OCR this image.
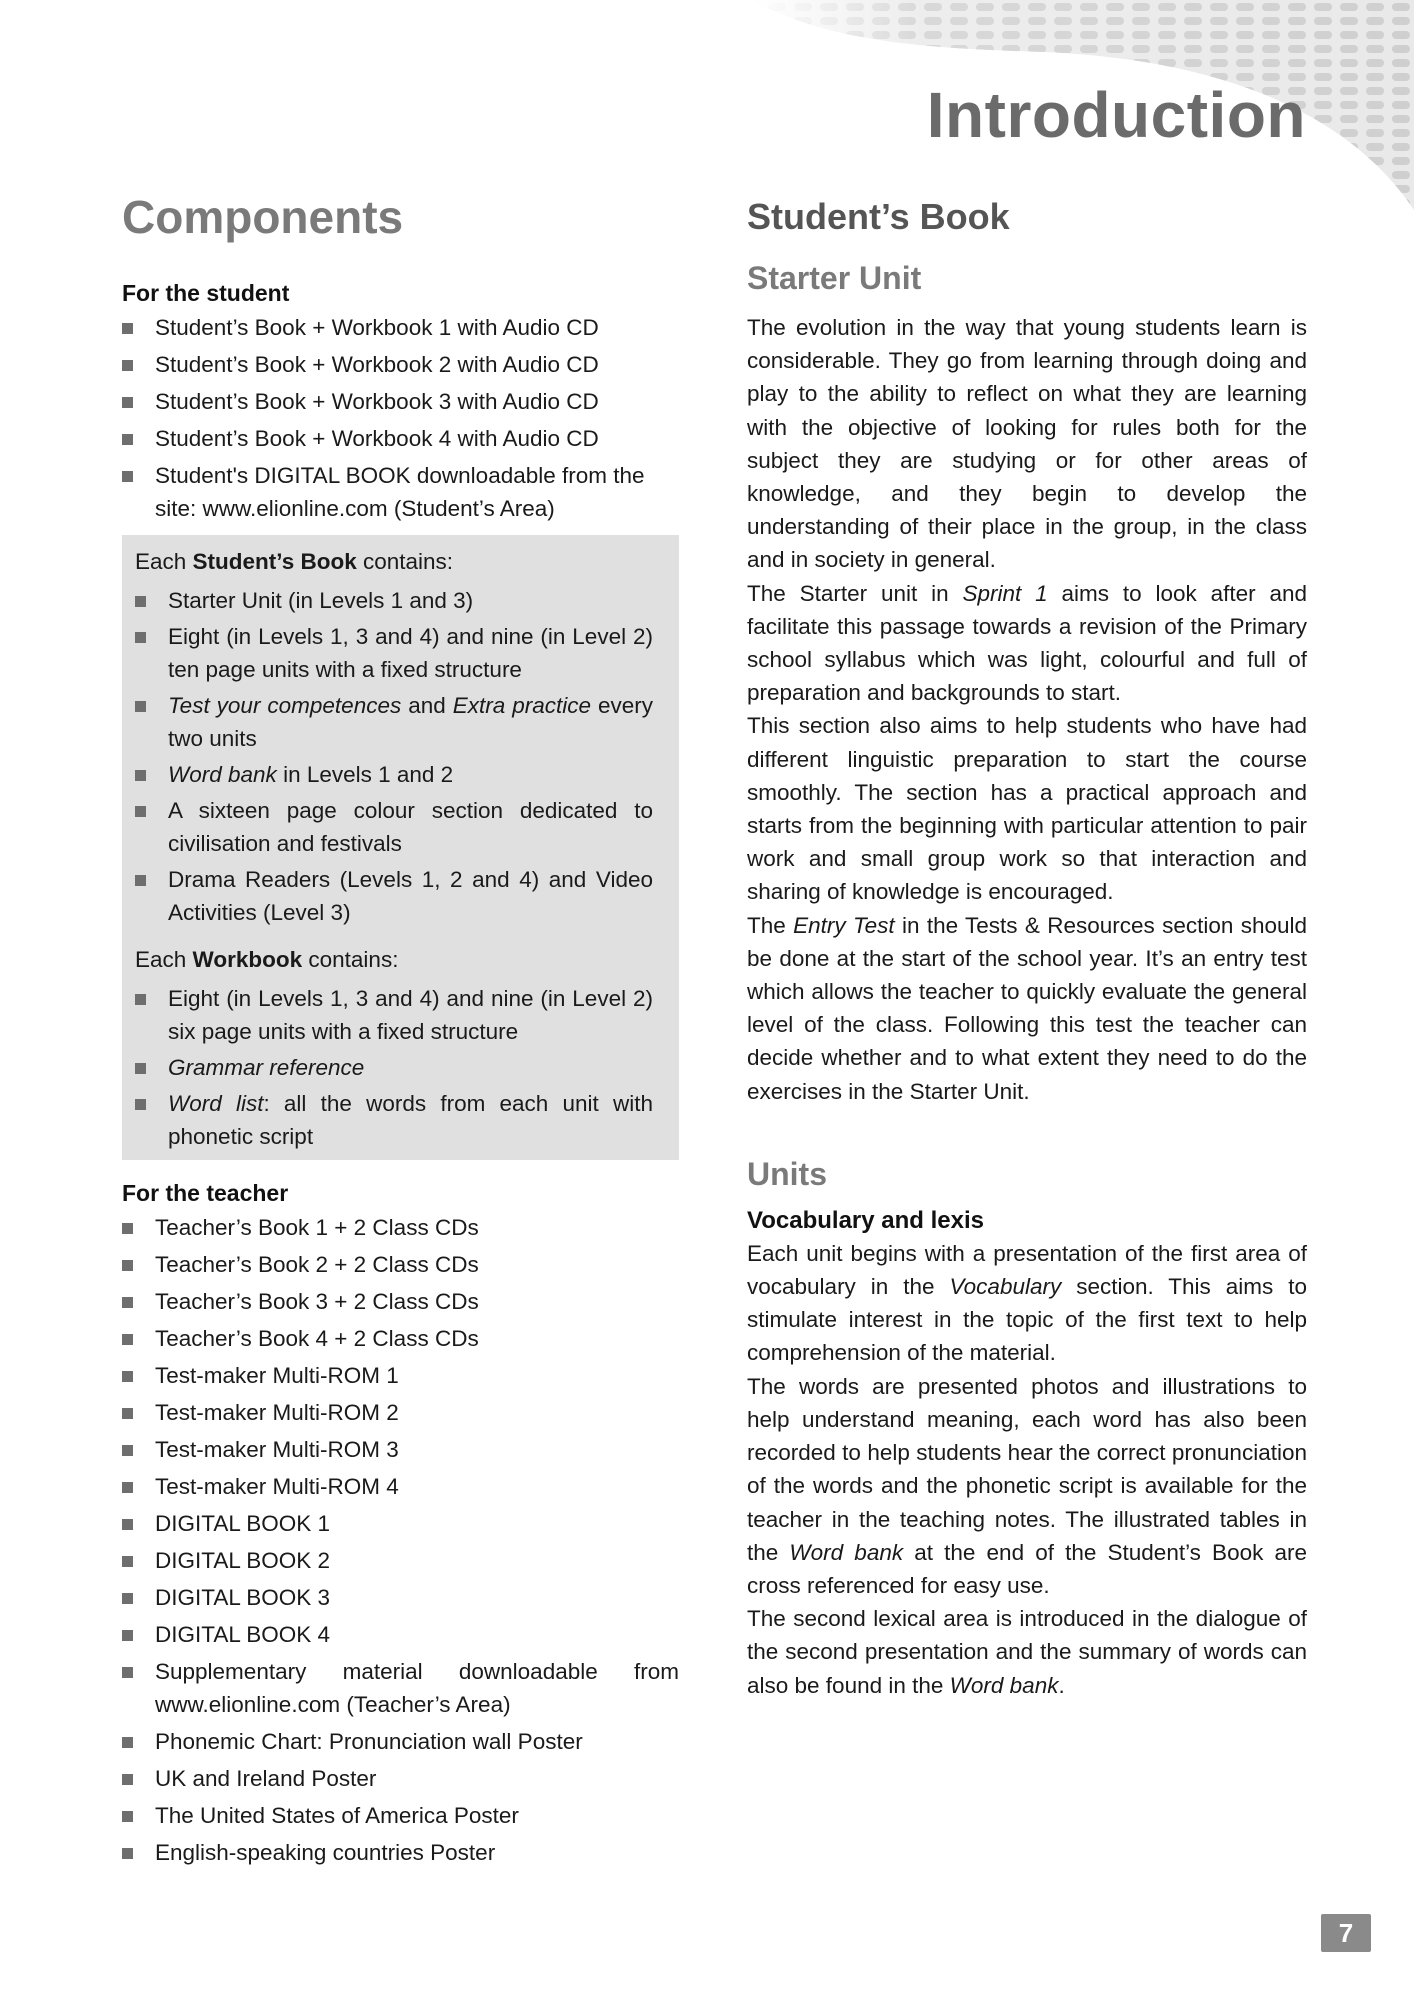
Introduction
Components
For the student
Student’s Book + Workbook 1 with Audio CD
Student’s Book + Workbook 2 with Audio CD
Student’s Book + Workbook 3 with Audio CD
Student’s Book + Workbook 4 with Audio CD
Student's DIGITAL BOOK downloadable from the site: www.elionline.com (Student’s Area)

Each Student’s Book contains:

Starter Unit (in Levels 1 and 3)
Eight (in Levels 1, 3 and 4) and nine (in Level 2) ten page units with a fixed structure
Test your competences and Extra practice every two units
Word bank in Levels 1 and 2
A sixteen page colour section dedicated to civilisation and festivals
Drama Readers (Levels 1, 2 and 4) and Video Activities (Level 3)

Each Workbook contains:

Eight (in Levels 1, 3 and 4) and nine (in Level 2) six page units with a fixed structure
Grammar reference
Word list: all the words from each unit with phonetic script
For the teacher
Teacher’s Book 1 + 2 Class CDs
Teacher’s Book 2 + 2 Class CDs
Teacher’s Book 3 + 2 Class CDs
Teacher’s Book 4 + 2 Class CDs
Test-maker Multi-ROM 1
Test-maker Multi-ROM 2
Test-maker Multi-ROM 3
Test-maker Multi-ROM 4
DIGITAL BOOK 1
DIGITAL BOOK 2
DIGITAL BOOK 3
DIGITAL BOOK 4
Supplementary material downloadable from www.elionline.com (Teacher’s Area)
Phonemic Chart: Pronunciation wall Poster
UK and Ireland Poster
The United States of America Poster
English-speaking countries Poster
Student’s Book
Starter Unit

The evolution in the way that young students learn is considerable. They go from learning through doing and play to the ability to reflect on what they are learning with the objective of looking for rules both for the subject they are studying or for other areas of knowledge, and they begin to develop the understanding of their place in the group, in the class and in society in general.

The Starter unit in Sprint 1 aims to look after and facilitate this passage towards a revision of the Primary school syllabus which was light, colourful and full of preparation and backgrounds to start.

This section also aims to help students who have had different linguistic preparation to start the course smoothly. The section has a practical approach and starts from the beginning with particular attention to pair work and small group work so that interaction and sharing of knowledge is encouraged.

The Entry Test in the Tests & Resources section should be done at the start of the school year. It’s an entry test which allows the teacher to quickly evaluate the general level of the class. Following this test the teacher can decide whether and to what extent they need to do the exercises in the Starter Unit.

Units
Vocabulary and lexis

Each unit begins with a presentation of the first area of vocabulary in the Vocabulary section. This aims to stimulate interest in the topic of the first text to help comprehension of the material.

The words are presented photos and illustrations to help understand meaning, each word has also been recorded to help students hear the correct pronunciation of the words and the phonetic script is available for the teacher in the teaching notes. The illustrated tables in the Word bank at the end of the Student’s Book are cross referenced for easy use.

The second lexical area is introduced in the dialogue of the second presentation and the summary of words can also be found in the Word bank.

7
